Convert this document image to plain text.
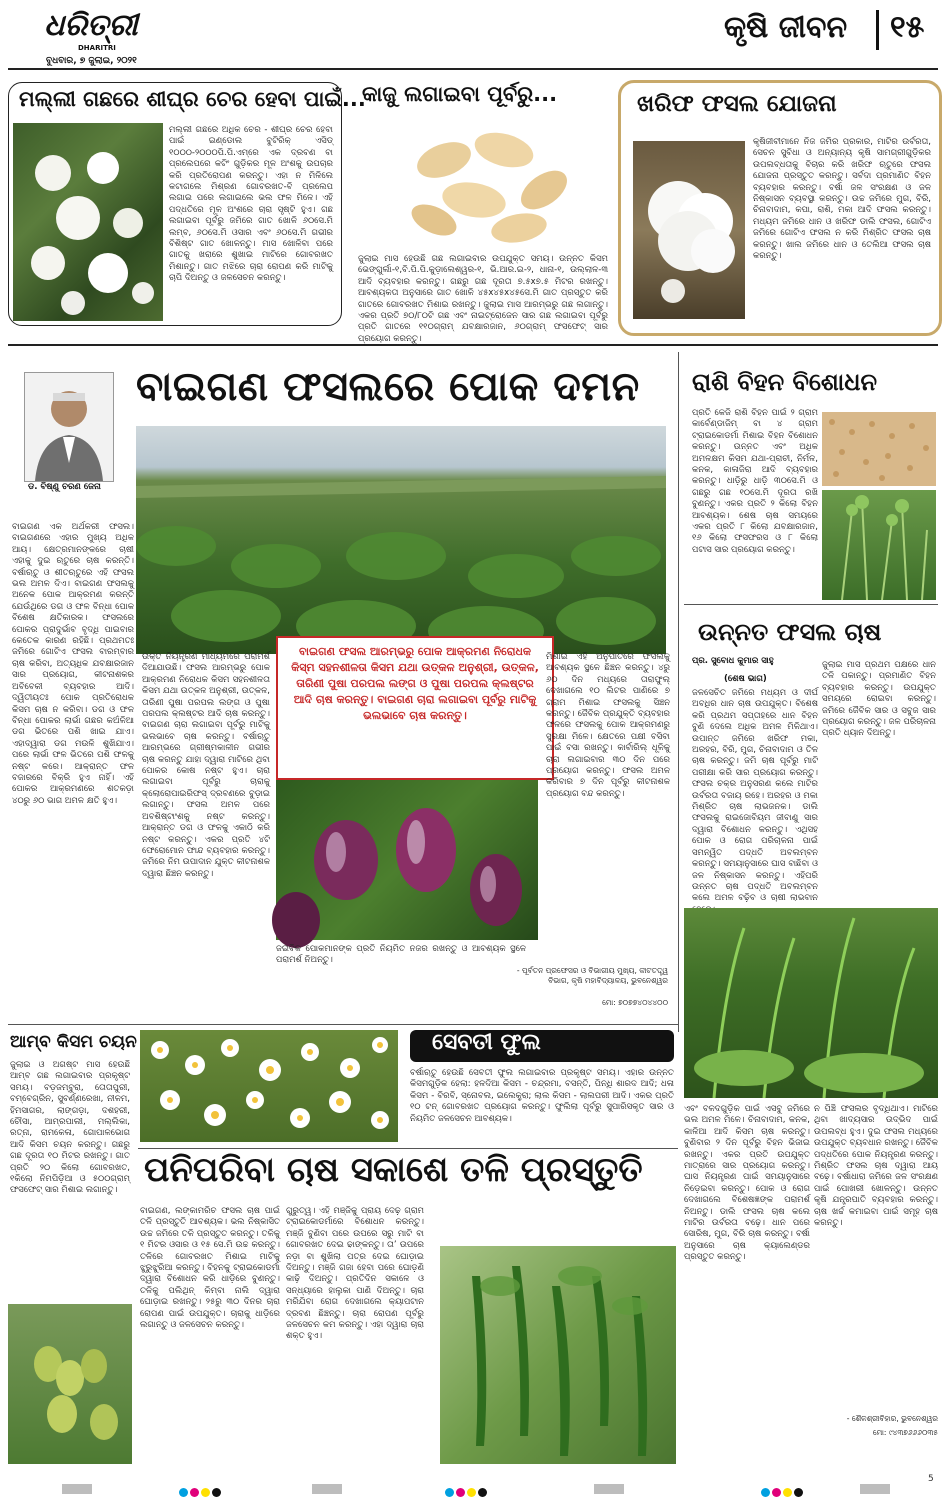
ଧରିତ୍ରୀ
DHARITRI
ବୁଧବାର, ୭ ଜୁଲାଇ, ୨୦୨୧
କୃଷି ଜୀବନ ୧୫
ମଲ୍ଲୀ ଗଛରେ ଶୀଘ୍ର ଚେର ହେବା ପାଇଁ...
ମଲ୍ଲୀ ଗଛରେ ଅଧିକ ଚେର - ଶୀଘ୍ର ଚେର ହେବା ପାଇଁ ଇଣ୍ଡୋଲ ବୁଟିରିକ୍ ଏସିଡ୍ ୧୦୦୦-୨୦୦୦ପି.ପି.ଏମ୍‌ରେ ଏକ ଦ୍ରବଣ ବା ପ୍ରଲେପରେ କଟିଂ ଗୁଡ଼ିକର ମୂଳ ଅଂଶକୁ ଉପଚାର କରି ପ୍ରତିରୋପଣ କରନ୍ତୁ। ଏହା ନ ମିଳିଲେ କଟାଗଲେ ମିଶ୍ରଣ ଗୋବରଖତ-ବି ପ୍ରଲେପ ଲଗାଇ ପରେ ଲଗାଇଲେ ଭଲ ଫଳ ମିଳେ। ଏହି ପଦ୍ଧତିରେ ମୂଳ ଅଂଶରେ ଚାରା ସୃଷ୍ଟି ହୁଏ। ଗଛ ଲଗାଇବା ପୂର୍ବରୁ ଜମିରେ ଗାତ ଖୋଳି ୬୦ସେ.ମି ଲମ୍ବ, ୬୦ସେ.ମି ଓସାର ଏବଂ ୬୦ସେ.ମି ଗଭୀର ବିଶିଷ୍ଟ ଗାତ ଖୋଳନ୍ତୁ। ମାସ ଖୋଳିବା ପରେ ଗାତକୁ ଖରାରେ ଶୁଖାଇ ମାଟିରେ ଗୋବରଖତ ମିଶାନ୍ତୁ। ଗାତ ମଝିରେ ଚାରା ରୋପଣ କରି ମାଟିକୁ ଚାପି ଦିଅନ୍ତୁ ଓ ଜଳସେଚନ କରନ୍ତୁ।
କାଜୁ ଲଗାଇବା ପୂର୍ବରୁ...
ଜୁଲାଇ ମାସ ହେଉଛି ଗଛ ଲଗାଇବାର ଉପଯୁକ୍ତ ସମୟ। ଉନ୍ନତ କିସମ ଭେଙ୍ଗୁର୍ଲା-୧,ବି.ପି.ପି.କୁଡ଼ାଲେଶ୍ୱର-୧, ଭି.ଆର.ଇ-୨, ଧାନା-୧, ଉଲ୍ଲାଳ-୩ ଆଦି ବ୍ୟବହାର କରନ୍ତୁ। ଗଛରୁ ଗଛ ଦୂରତା ୭.୫x୭.୫ ମିଟର ରଖନ୍ତୁ। ଆବଶ୍ୟକତା ଅନୁସାରେ ଗାତ ଖୋଳି ୪୫x୪୫x୪୫ସେ.ମି ଗାତ ପ୍ରସ୍ତୁତ କରି ଗାତରେ ଗୋବରଖତ ମିଶାଇ ରଖନ୍ତୁ। ଜୁଲାଇ ମାସ ଆରମ୍ଭରୁ ଗଛ ଲଗାନ୍ତୁ। ଏକର ପ୍ରତି ୭୦/୮୦ଟି ଗଛ ଏବଂ ନାଇଟ୍ରୋଜେନ ସାର ଗଛ ଲଗାଇବା ପୂର୍ବରୁ ପ୍ରତି ଗାତରେ ୧୧୦ଗ୍ରାମ୍ ଯବକ୍ଷାରଜାନ, ୬୦ଗ୍ରାମ୍ ଫସଫେଟ୍ ସାର ପ୍ରୟୋଗ କରନ୍ତୁ।
ଖରିଫ ଫସଲ ଯୋଜନା
କୃଷିଜୀବୀମାନେ ନିଜ ଜମିର ପ୍ରକାର, ମାଟିର ଉର୍ବରତା, ସେଚନ ସୁବିଧା ଓ ଅନ୍ୟାନ୍ୟ କୃଷି ସାମଗ୍ରୀଗୁଡ଼ିକର ଉପଲବ୍ଧତାକୁ ବିଚାର କରି ଖରିଫ ଋତୁରେ ଫସଲ ଯୋଜନା ପ୍ରସ୍ତୁତ କରନ୍ତୁ। ସର୍ବଦା ପ୍ରମାଣିତ ବିହନ ବ୍ୟବହାର କରନ୍ତୁ। ବର୍ଷା ଜଳ ସଂରକ୍ଷଣ ଓ ଜଳ ନିଷ୍କାସନ ବ୍ୟବସ୍ଥା କରନ୍ତୁ। ଉଚ୍ଚ ଜମିରେ ମୁଗ, ବିରି, ଚିନାବାଦାମ, କପା, ରାଶି, ମକା ଆଦି ଫସଲ କରନ୍ତୁ। ମଧ୍ୟମ ଜମିରେ ଧାନ ଓ ଖରିଫ ଡାଲି ଫସଲ, ଗୋଟିଏ ଜମିରେ ଗୋଟିଏ ଫସଲ ନ କରି ମିଶ୍ରିତ ଫସଲ ଚାଷ କରନ୍ତୁ। ଖାଲ ଜମିରେ ଧାନ ଓ ତେଲିଆ ଫସଲ ଚାଷ କରନ୍ତୁ।
ଡ. ବିଷ୍ଣୁ ଚରଣ ଜେନା
ବାଇଗଣ ଫସଲରେ ପୋକ ଦମନ
ବାଇଗଣ ଫସଲ ଆରମ୍ଭରୁ ପୋକ ଆକ୍ରମଣ ନିରୋଧକ କିସ୍ମ ସହନଶୀଳତା କିସମ ଯଥା ଉତ୍କଳ ଅନୁଶ୍ରୀ, ଉତ୍କଳ, ତାରିଣୀ ପୁଷା ପରପଲ ଲଙ୍ଗ ଓ ପୁଷା ପରପଲ କ୍ଲଷ୍ଟର ଆଦି ଚାଷ କରନ୍ତୁ। ବାଇଗଣ ଚାରା ଲଗାଇବା ପୂର୍ବରୁ ମାଟିକୁ ଭଲଭାବେ ଚାଷ କରନ୍ତୁ।
ବାଇଗଣ ଏକ ଅର୍ଥକରୀ ଫସଲ। ବାଇଗଣରେ ଏହାର ମୁଖ୍ୟ ଅଧିକ ଆୟ। କ୍ଷେତ୍ରମାନଙ୍କରେ ଚାଷୀ ଏହାକୁ ଦୁଇ ଋତୁରେ ଚାଷ କରନ୍ତି। ବର୍ଷାଋତୁ ଓ ଶୀତଋତୁରେ ଏହି ଫସଲ ଭଲ ଅମଳ ଦିଏ। ବାଇଗଣ ଫସଲକୁ ଅନେକ ପୋକ ଆକ୍ରମଣ କରନ୍ତି ଯେଉଁଥିରେ ଡଗ ଓ ଫଳ ବିନ୍ଧା ପୋକ ବିଶେଷ କ୍ଷତିକାରକ। ଫସଲରେ ପୋକର ପ୍ରାଦୁର୍ଭାବ ବୃଦ୍ଧି ପାଇବାର କେତେକ କାରଣ ରହିଛି। ପ୍ରଥମତଃ ଜମିରେ ଗୋଟିଏ ଫସଲ ବାରମ୍ବାର ଚାଷ କରିବା, ଅତ୍ୟଧିକ ଯବକ୍ଷାରଜାନ ସାର ପ୍ରୟୋଗ, କୀଟନାଶକର ଅବିବେକୀ ବ୍ୟବହାର ଆଦି। ଦ୍ୱିତୀୟତଃ ପୋକ ପ୍ରତିରୋଧକ କିସମ ଚାଷ ନ କରିବା। ଡଗ ଓ ଫଳ ବିନ୍ଧା ପୋକର ଲାର୍ଭା ଗଛର କଅଁଳିଆ ଡଗ ଭିତରେ ପଶି ଖାଇ ଯାଏ। ଏହାଦ୍ୱାରା ଡଗ ମଉଳି ଶୁଖିଯାଏ। ପରେ ଲାର୍ଭା ଫଳ ଭିତରେ ପଶି ଫଳକୁ ନଷ୍ଟ କରେ। ଆକ୍ରାନ୍ତ ଫଳ ବଜାରରେ ବିକ୍ରି ହୁଏ ନାହିଁ। ଏହି ପୋକର ଆକ୍ରମଣରେ ଶତକଡ଼ା ୪୦ରୁ ୬୦ ଭାଗ ଅମଳ କ୍ଷତି ହୁଏ।
ଉକ୍ତ ନିୟନ୍ତ୍ରଣ ମାଧ୍ୟମରେ ପରାମର୍ଶ ଦିଆଯାଉଛି। ଫସଲ ଆରମ୍ଭରୁ ପୋକ ଆକ୍ରମଣ ନିରୋଧକ କିସମ ସହନଶୀଳତା କିସମ ଯଥା ଉତ୍କଳ ଅନୁଶ୍ରୀ, ଉତ୍କଳ, ତାରିଣୀ ପୁଷା ପରପଲ ଲଙ୍ଗ ଓ ପୁଷା ପରପଲ କ୍ଲଷ୍ଟର ଆଦି ଚାଷ କରନ୍ତୁ। ବାଇଗଣ ଚାରା ଲଗାଇବା ପୂର୍ବରୁ ମାଟିକୁ ଭଲଭାବେ ଚାଷ କରନ୍ତୁ। ବର୍ଷାଋତୁ ଆରମ୍ଭରେ ଗ୍ରୀଷ୍ମକାଳୀନ ଗଭୀର ଚାଷ କରନ୍ତୁ ଯାହା ଦ୍ୱାରା ମାଟିରେ ଥିବା ପୋକର କୋଷ ନଷ୍ଟ ହୁଏ। ଚାରା ଲଗାଇବା ପୂର୍ବରୁ ଚାରାକୁ କ୍ଲୋରୋପାଇରିଫସ୍ ଦ୍ରବଣରେ ବୁଡ଼ାଇ ଲଗାନ୍ତୁ। ଫସଲ ଅମଳ ପରେ ଅବଶିଷ୍ଟାଂଶକୁ ନଷ୍ଟ କରନ୍ତୁ। ଆକ୍ରାନ୍ତ ଡଗ ଓ ଫଳକୁ ଏକାଠି କରି ନଷ୍ଟ କରନ୍ତୁ। ଏକର ପ୍ରତି ୪ଟି ଫେରୋମୋନ ଫାନ୍ଦ ବ୍ୟବହାର କରନ୍ତୁ। ଜମିରେ ନିମ ଉପାଦାନ ଯୁକ୍ତ କୀଟନାଶକ ଦ୍ୱାରା ଛିଞ୍ଚନ କରନ୍ତୁ।
ମିଶାଇ ଏହି ଅନୁପାତରେ ଫସଲକୁ ଆବଶ୍ୟକ ସ୍ଥଳେ ଛିଞ୍ଚନ କରନ୍ତୁ। ୪ରୁ ୬୦ ଦିନ ମଧ୍ୟରେ ତାରାଫୁଲ୍ ଦେଖାଗଲେ ୧୦ ଲିଟର ପାଣିରେ ୭ ଗ୍ରାମ ମିଶାଇ ଫସଲକୁ ସିଞ୍ଚନ କରନ୍ତୁ। ଜୈବିକ ପ୍ରଯୁକ୍ତି ବ୍ୟବହାର ଫଳରେ ଫସଲକୁ ପୋକ ଆକ୍ରମଣରୁ ସୁରକ୍ଷା ମିଳେ। କ୍ଷେତରେ ପକ୍ଷୀ ବସିବା ପାଇଁ ବସା ରଖନ୍ତୁ। କାର୍ବାରିଲ୍ ଧୂଳିକୁ ଚାରା ଲଗାଇବାର ୩୦ ଦିନ ପରେ ପ୍ରୟୋଗ କରନ୍ତୁ। ଫସଲ ଅମଳ କରିବାର ୭ ଦିନ ପୂର୍ବରୁ କୀଟନାଶକ ପ୍ରୟୋଗ ବନ୍ଦ କରନ୍ତୁ।
ଜଇବିକ ପୋକମାନଙ୍କ ପ୍ରତି ନିୟମିତ ନଜର ରଖନ୍ତୁ ଓ ଆବଶ୍ୟକ ସ୍ଥଳେ ପରାମର୍ଶ ନିଅନ୍ତୁ।
- ପୂର୍ବତନ ପ୍ରଫେସର ଓ ବିଭାଗୀୟ ମୁଖ୍ୟ, କୀଟତତ୍ତ୍ୱ ବିଭାଗ, କୃଷି ମହାବିଦ୍ୟାଳୟ, ଭୁବନେଶ୍ୱର
ମୋ: ୭୦୭୭୪୦୪୪୦୦
ରାଶି ବିହନ ବିଶୋଧନ
ପ୍ରତି କେଜି ରାଶି ବିହନ ପାଇଁ ୨ ଗ୍ରାମ କାର୍ବେଣ୍ଡାଜିମ୍ ବା ୪ ଗ୍ରାମ ଟ୍ରାଇକୋଡର୍ମା ମିଶାଇ ବିହନ ବିଶୋଧନ କରନ୍ତୁ। ଉନ୍ନତ ଏବଂ ଅଧିକ ଅମଳକ୍ଷମ କିସମ ଯଥା-ପ୍ରାଚୀ, ନିର୍ମଳ, କନକ, କାଳାଜିରା ଆଦି ବ୍ୟବହାର କରନ୍ତୁ। ଧାଡ଼ିରୁ ଧାଡ଼ି ୩୦ସେ.ମି ଓ ଗଛରୁ ଗଛ ୧୦ସେ.ମି ଦୂରତା ରଖି ବୁଣନ୍ତୁ। ଏକର ପ୍ରତି ୨ କିଲୋ ବିହନ ଆବଶ୍ୟକ। ଶେଷ ଚାଷ ସମୟରେ ଏକର ପ୍ରତି ୮ କିଲୋ ଯବକ୍ଷାରଜାନ, ୧୬ କିଲୋ ଫସଫରସ ଓ ୮ କିଲୋ ପଟାସ ସାର ପ୍ରୟୋଗ କରନ୍ତୁ।
ଉନ୍ନତ ଫସଲ ଚାଷ
ପ୍ର. ସୁବୋଧ କୁମାର ସାହୁ
(ଶେଷ ଭାଗ)
ଜଳସେଚିତ ଜମିରେ ମଧ୍ୟମ ଓ ଦୀର୍ଘ ଅବଧିର ଧାନ ଚାଷ ଉପଯୁକ୍ତ। ବିଶେଷ କରି ପ୍ରଥମ ସପ୍ତାହରେ ଧାନ ବିହନ ବୁଣି ଦେଲେ ଅଧିକ ଅମଳ ମିଳିଥାଏ। ଉପାନ୍ତ ଜମିରେ ଖରିଫ ମକା, ଅରହର, ବିରି, ମୁଗ, ଚିନାବାଦାମ ଓ ତିଳ ଚାଷ କରନ୍ତୁ। ଜମି ଚାଷ ପୂର୍ବରୁ ମାଟି ପରୀକ୍ଷା କରି ସାର ପ୍ରୟୋଗ କରନ୍ତୁ। ଫସଲ ଚକ୍ର ଅନୁସରଣ କଲେ ମାଟିର ଉର୍ବରତା ବଜାୟ ରହେ। ଅରହର ଓ ମକା ମିଶ୍ରିତ ଚାଷ ଲାଭଜନକ। ଡାଲି ଫସଲକୁ ରାଇଜୋବିୟମ ଜୀବାଣୁ ସାର ଦ୍ୱାରା ବିଶୋଧନ କରନ୍ତୁ। ଏଥିସହ ପୋକ ଓ ରୋଗ ପରିଚାଳନା ପାଇଁ ସମନ୍ୱିତ ପଦ୍ଧତି ଅବଲମ୍ବନ କରନ୍ତୁ। ସମୟାନୁସାରେ ଘାସ ବାଛିବା ଓ ଜଳ ନିଷ୍କାସନ କରନ୍ତୁ। ଏହିପରି ଉନ୍ନତ ଚାଷ ପଦ୍ଧତି ଅବଲମ୍ବନ କଲେ ଅମଳ ବଢ଼ିବ ଓ ଚାଷୀ ଲାଭବାନ
ଜୁଲାଇ ମାସ ପ୍ରଥମ ପକ୍ଷରେ ଧାନ ତଳି ପକାନ୍ତୁ। ପ୍ରମାଣିତ ବିହନ ବ୍ୟବହାର କରନ୍ତୁ। ଉପଯୁକ୍ତ ସମୟରେ ରୋଇବା କରନ୍ତୁ। ଜମିରେ ଜୈବିକ ସାର ଓ ସବୁଜ ସାର ପ୍ରୟୋଗ କରନ୍ତୁ। ଜଳ ପରିଚାଳନା ପ୍ରତି ଧ୍ୟାନ ଦିଅନ୍ତୁ।
ଏବଂ ବଳଦଗୁଡ଼ିକ ପାଇଁ ଏସବୁ ଜମିରେ ଭଲ ଅମଳ ମିଳେ। ଚିନାବାଦାମ, କନକ, କାଳିଆ ଆଦି କିସମ ଚାଷ କରନ୍ତୁ। ବୁଣିବାର ୨ ଦିନ ପୂର୍ବରୁ ବିହନ ଭିଜାଇ ରଖନ୍ତୁ। ଏକର ପ୍ରତି ଉପଯୁକ୍ତ ମାତ୍ରାରେ ସାର ପ୍ରୟୋଗ କରନ୍ତୁ। ଘାସ ନିୟନ୍ତ୍ରଣ ପାଇଁ ସମୟାନୁସାରେ ନିଡ଼େଇବା କରନ୍ତୁ। ପୋକ ଓ ରୋଗ ଦେଖାଗଲେ ବିଶେଷଜ୍ଞଙ୍କ ପରାମର୍ଶ ନିଅନ୍ତୁ। ଡାଲି ଫସଲ ଚାଷ କଲେ ମାଟିର ଉର୍ବରତା ବଢ଼େ। ଧାନ ପରେ ସୋରିଷ, ମୁଗ, ବିରି ଚାଷ କରନ୍ତୁ। ବର୍ଷା ଅନୁସାରେ ଚାଷ କ୍ୟାଲେଣ୍ଡର ପ୍ରସ୍ତୁତ କରନ୍ତୁ।
ନ ପିଞ୍ଚି ଫସଲର ବୃଦ୍ଧିଥାଏ। ମାଟିରେ ଥିବା ଖାଦ୍ୟସାର ଉଦ୍ଭିଦ ପାଇଁ ଉପଲବ୍ଧ ହୁଏ। ଦୁଇ ଫସଲ ମଧ୍ୟରେ ଉପଯୁକ୍ତ ବ୍ୟବଧାନ ରଖନ୍ତୁ। ଜୈବିକ ପଦ୍ଧତିରେ ପୋକ ନିୟନ୍ତ୍ରଣ କରନ୍ତୁ। ମିଶ୍ରିତ ଫସଲ ଚାଷ ଦ୍ୱାରା ଆୟ ବଢ଼େ। ବର୍ଷାଧାରା ଜମିରେ ଜଳ ସଂରକ୍ଷଣ ପାଇଁ ପୋଖରୀ ଖୋଳନ୍ତୁ। ଉନ୍ନତ କୃଷି ଯନ୍ତ୍ରପାତି ବ୍ୟବହାର କରନ୍ତୁ। ଚାଷ ଖର୍ଚ୍ଚ କମାଇବା ପାଇଁ ସମୂହ ଚାଷ କରନ୍ତୁ।
- ଶୈଳଶ୍ରୀବିହାର, ଭୁବନେଶ୍ୱର
ମୋ: ୯୪୩୭୬୬୬୦୩୫
ଆମ୍ବ କିସମ ଚୟନ
ଜୁଲାଇ ଓ ଅଗଷ୍ଟ ମାସ ହେଉଛି ଆମ୍ବ ଗଛ ଲଗାଇବାର ପ୍ରକୃଷ୍ଟ ସମୟ। ବଡ଼ଜମ୍ବୁରା, ତୋତାପୁରୀ, ବମ୍ବେଗ୍ରିନ, ସୁବର୍ଣ୍ଣରେଖା, ନୀଳମ, ହିମସାଗର, ଲାଙ୍ଗଡ଼ା, ଦଶହରୀ, ଚୌସା, ଆମ୍ରପାଲୀ, ମଲ୍ଲିକା, ରତ୍ନା, ରାମକେଳା, ଗୋପାଳଭୋଗ ଆଦି କିସମ ଚୟନ କରନ୍ତୁ। ଗଛରୁ ଗଛ ଦୂରତା ୧୦ ମିଟର ରଖନ୍ତୁ। ଗାତ ପ୍ରତି ୨୦ କିଲୋ ଗୋବରଖତ, ୧କିଲୋ ନିମପିଡ଼ିଆ ଓ ୫୦୦ଗ୍ରାମ୍ ଫସଫେଟ୍ ସାର ମିଶାଇ ଲଗାନ୍ତୁ।
ସେବତୀ ଫୁଲ
ବର୍ଷାଋତୁ ହେଉଛି ସେବତୀ ଫୁଲ ଲଗାଇବାର ପ୍ରକୃଷ୍ଟ ସମୟ। ଏହାର ଉନ୍ନତ କିସମଗୁଡ଼ିକ ହେଲା: ହଳଦିଆ କିସମ - ଚନ୍ଦ୍ରମା, ବସନ୍ତି, ପିନ୍ଧି ଶାରଦ ଆଦି; ଧଳା କିସମ - ବିରବି, ସ୍ନୋବଲ, ଇଲେକ୍ଟ୍ରା; ଲାଲ କିସମ - ଲାଲପରୀ ଆଦି। ଏକର ପ୍ରତି ୧୦ ଟନ୍ ଗୋବରଖତ ପ୍ରୟୋଗ କରନ୍ତୁ। ଫୁଲିଲା ପୂର୍ବରୁ ସୁପାରିସକୃତ ସାର ଓ ନିୟମିତ ଜଳସେଚନ ଆବଶ୍ୟକ।
ପନିପରିବା ଚାଷ ସକାଶେ ତଳି ପ୍ରସ୍ତୁତି
ବାଇଗଣ, ଲଙ୍କାମରିଚ ଫସଲ ଚାଷ ପାଇଁ ତଳି ପ୍ରସ୍ତୁତି ଆବଶ୍ୟକ। ଭଲ ନିଷ୍କାସିତ ଉଚ୍ଚ ଜମିରେ ତଳି ପ୍ରସ୍ତୁତ କରନ୍ତୁ। ତଳିକୁ ୧ ମିଟର ଓସାର ଓ ୧୫ ସେ.ମି ଉଚ୍ଚ କରନ୍ତୁ। ତଳିରେ ଗୋବରଖତ ମିଶାଇ ମାଟିକୁ ଝୁରୁଝୁରିଆ କରନ୍ତୁ। ବିହନକୁ ଟ୍ରାଇକୋଡର୍ମା ଦ୍ୱାରା ବିଶୋଧନ କରି ଧାଡ଼ିରେ ବୁଣନ୍ତୁ। ତଳିକୁ ପଲିଥିନ୍ କିମ୍ବା ନାଲି ଦ୍ୱାରା ଘୋଡ଼ାଇ ରଖନ୍ତୁ। ୨୫ରୁ ୩୦ ଦିନର ଚାରା ରୋପଣ ପାଇଁ ଉପଯୁକ୍ତ। ଚାରାକୁ ଧାଡ଼ିରେ ଲଗାନ୍ତୁ ଓ ଜଳସେଚନ କରନ୍ତୁ।
ଗୁରୁତ୍ୱ। ଏହି ମଞ୍ଜିକୁ ପ୍ରାୟ ଦେଢ଼ ଗ୍ରାମ ଟ୍ରାଇକୋଡର୍ମାରେ ବିଶୋଧନ କରନ୍ତୁ। ମଞ୍ଜି ବୁଣିବା ପରେ ଉପରେ ସରୁ ମାଟି ବା ଗୋବରଖତ ଦେଇ ଢାଙ୍କନ୍ତୁ। ତା’ ଉପରେ ନଡ଼ା ବା ଶୁଖିଲା ପତ୍ର ଦେଇ ଘୋଡ଼ାଇ ଦିଅନ୍ତୁ। ମଞ୍ଜି ଗଜା ହେବା ପରେ ଘୋଡ଼ଣି କାଢ଼ି ଦିଅନ୍ତୁ। ପ୍ରତିଦିନ ସକାଳେ ଓ ସନ୍ଧ୍ୟାରେ ହାଲୁକା ପାଣି ଦିଅନ୍ତୁ। ଚାରା ମରିଯିବା ରୋଗ ଦେଖାଗଲେ କ୍ୟାପଟାନ ଦ୍ରବଣ ଛିଞ୍ଚନ୍ତୁ। ଚାରା ରୋପଣ ପୂର୍ବରୁ ଜଳସେଚନ କମ କରନ୍ତୁ। ଏହା ଦ୍ୱାରା ଚାରା ଶକ୍ତ ହୁଏ।
5
